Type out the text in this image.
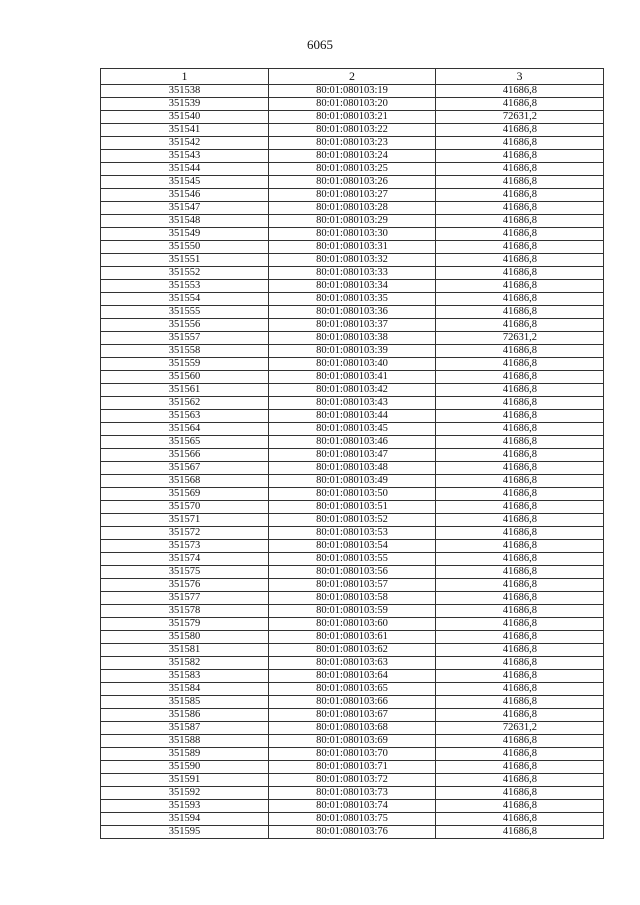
6065
1	2	3
351538	80:01:080103:19	41686,8
351539	80:01:080103:20	41686,8
351540	80:01:080103:21	72631,2
351541	80:01:080103:22	41686,8
351542	80:01:080103:23	41686,8
351543	80:01:080103:24	41686,8
351544	80:01:080103:25	41686,8
351545	80:01:080103:26	41686,8
351546	80:01:080103:27	41686,8
351547	80:01:080103:28	41686,8
351548	80:01:080103:29	41686,8
351549	80:01:080103:30	41686,8
351550	80:01:080103:31	41686,8
351551	80:01:080103:32	41686,8
351552	80:01:080103:33	41686,8
351553	80:01:080103:34	41686,8
351554	80:01:080103:35	41686,8
351555	80:01:080103:36	41686,8
351556	80:01:080103:37	41686,8
351557	80:01:080103:38	72631,2
351558	80:01:080103:39	41686,8
351559	80:01:080103:40	41686,8
351560	80:01:080103:41	41686,8
351561	80:01:080103:42	41686,8
351562	80:01:080103:43	41686,8
351563	80:01:080103:44	41686,8
351564	80:01:080103:45	41686,8
351565	80:01:080103:46	41686,8
351566	80:01:080103:47	41686,8
351567	80:01:080103:48	41686,8
351568	80:01:080103:49	41686,8
351569	80:01:080103:50	41686,8
351570	80:01:080103:51	41686,8
351571	80:01:080103:52	41686,8
351572	80:01:080103:53	41686,8
351573	80:01:080103:54	41686,8
351574	80:01:080103:55	41686,8
351575	80:01:080103:56	41686,8
351576	80:01:080103:57	41686,8
351577	80:01:080103:58	41686,8
351578	80:01:080103:59	41686,8
351579	80:01:080103:60	41686,8
351580	80:01:080103:61	41686,8
351581	80:01:080103:62	41686,8
351582	80:01:080103:63	41686,8
351583	80:01:080103:64	41686,8
351584	80:01:080103:65	41686,8
351585	80:01:080103:66	41686,8
351586	80:01:080103:67	41686,8
351587	80:01:080103:68	72631,2
351588	80:01:080103:69	41686,8
351589	80:01:080103:70	41686,8
351590	80:01:080103:71	41686,8
351591	80:01:080103:72	41686,8
351592	80:01:080103:73	41686,8
351593	80:01:080103:74	41686,8
351594	80:01:080103:75	41686,8
351595	80:01:080103:76	41686,8
